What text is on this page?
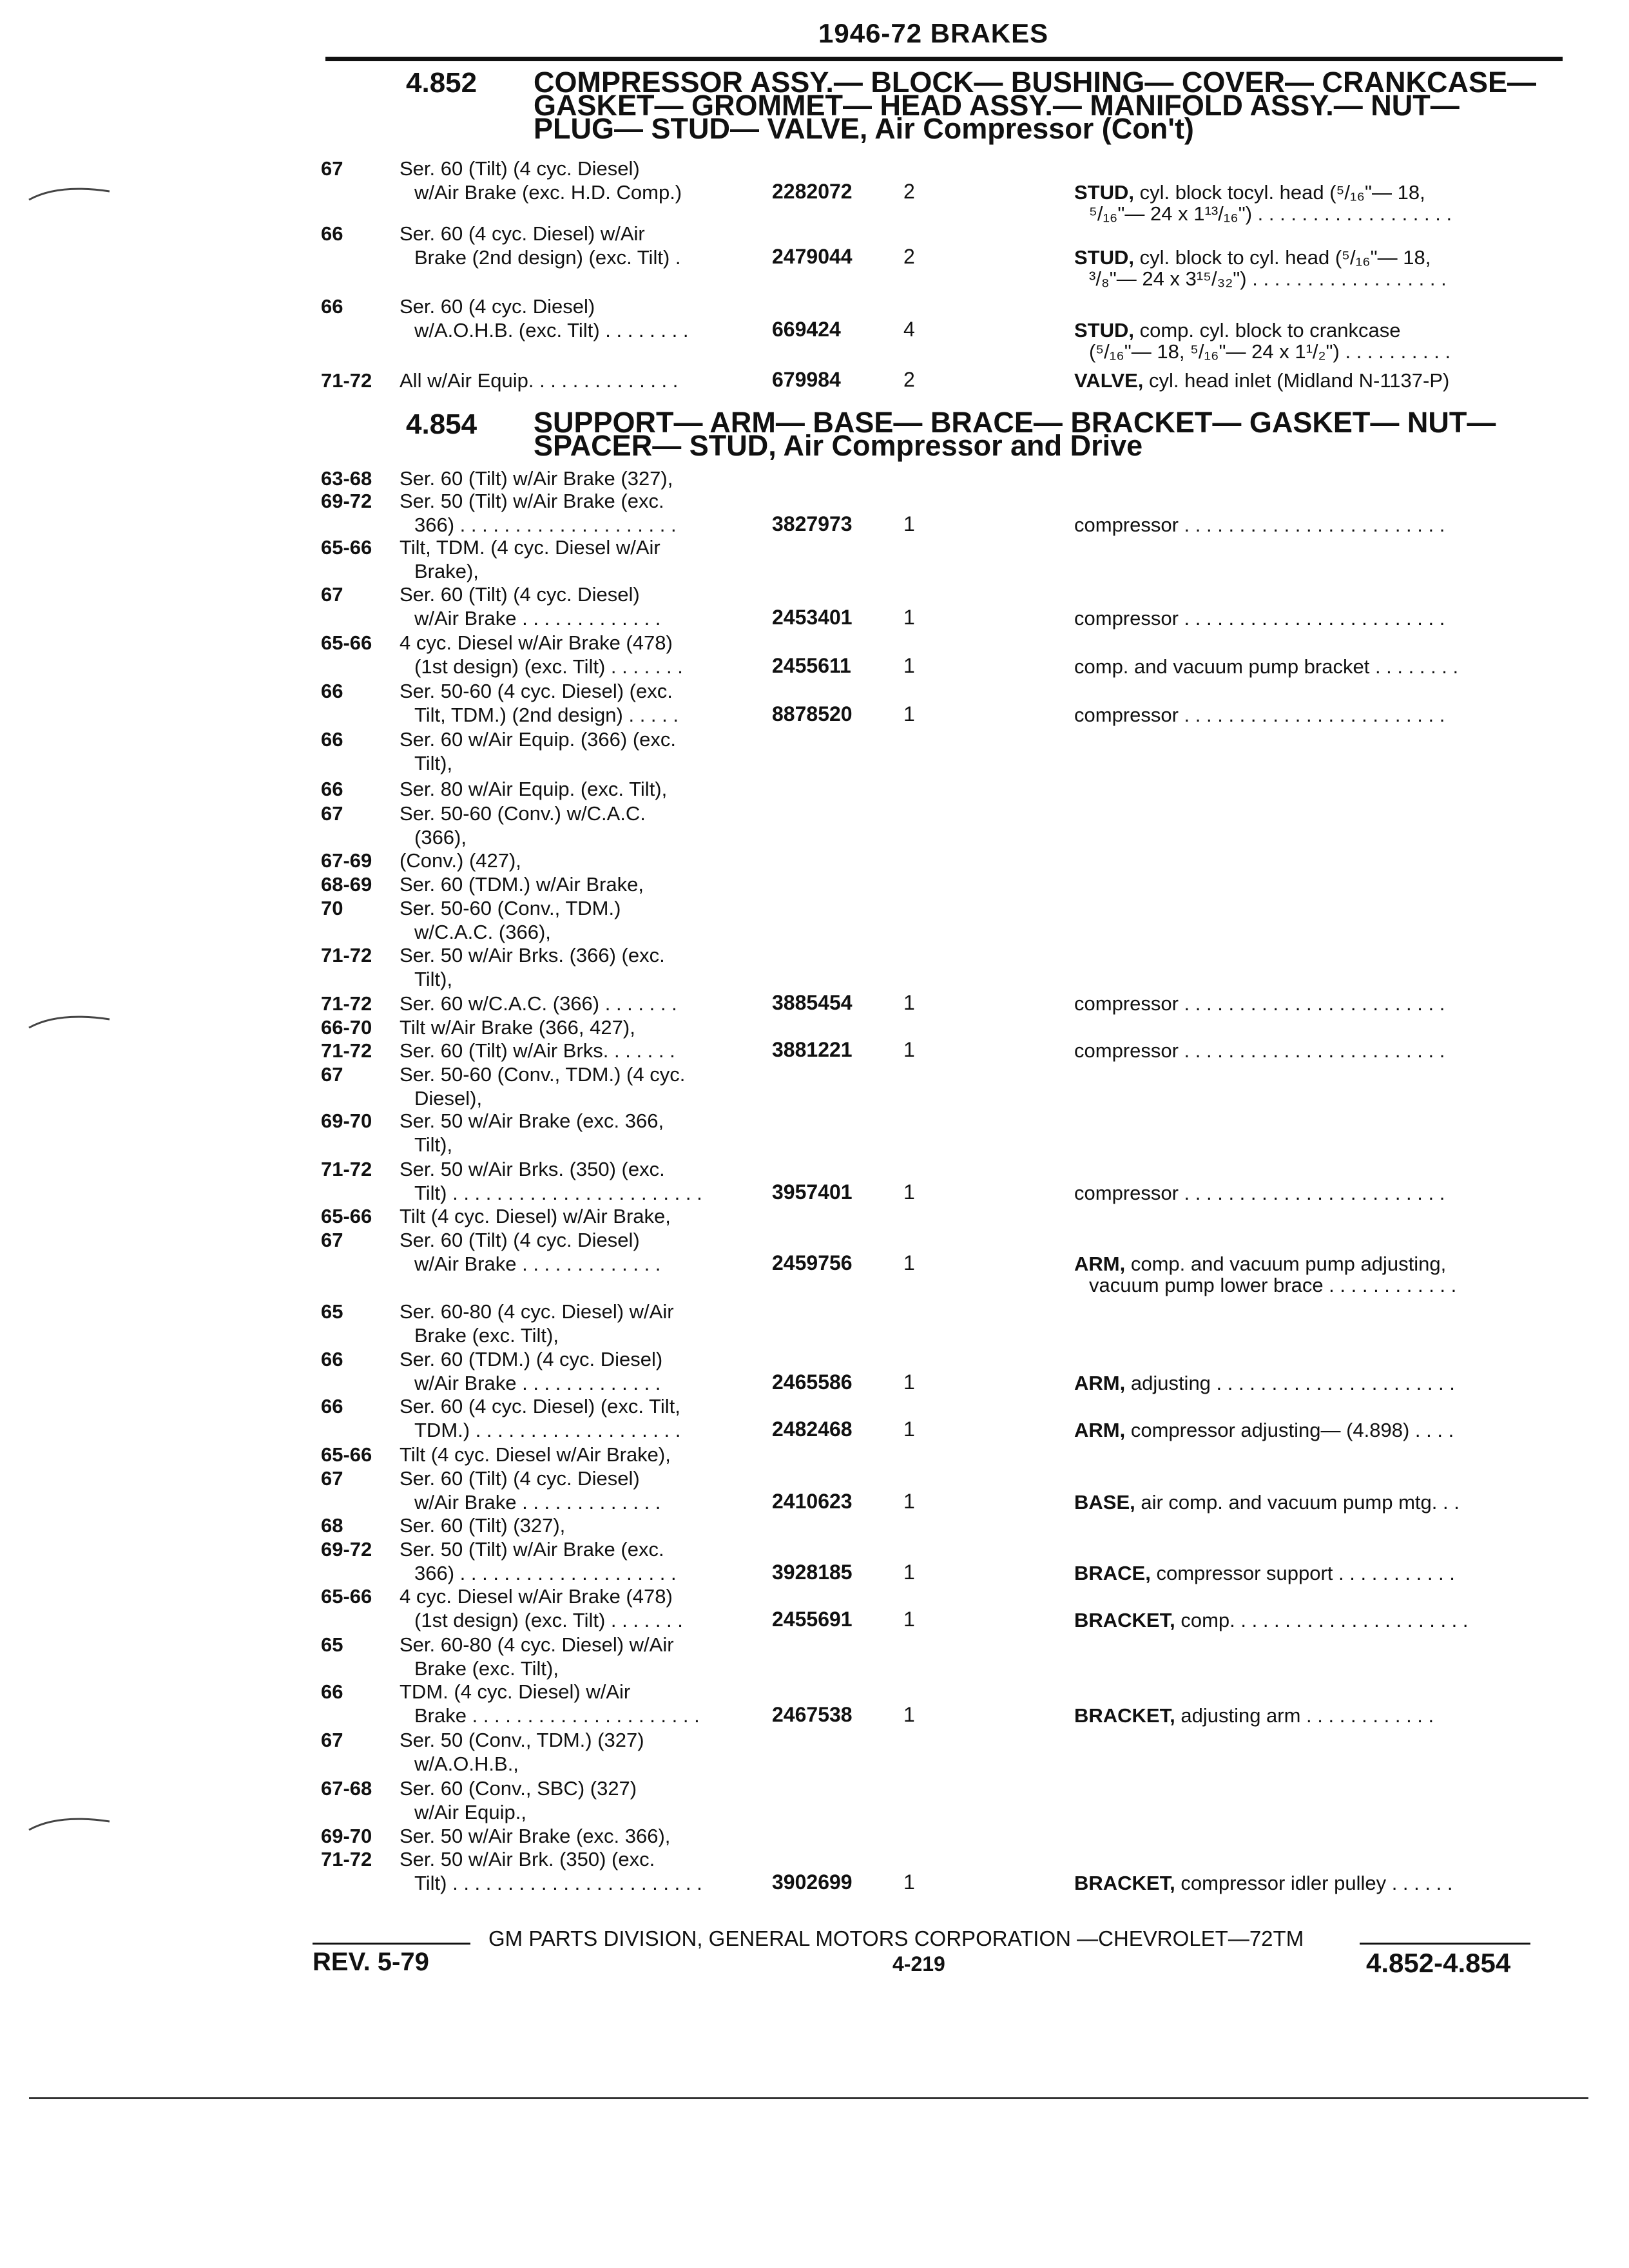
1946-72 BRAKES
4.852 COMPRESSOR ASSY.— BLOCK— BUSHING— COVER— CRANKCASE—
GASKET— GROMMET— HEAD ASSY.— MANIFOLD ASSY.— NUT—
PLUG— STUD— VALVE, Air Compressor (Con't)
4.854 SUPPORT— ARM— BASE— BRACE— BRACKET— GASKET— NUT—
SPACER— STUD, Air Compressor and Drive
67	Ser. 60 (Tilt) (4 cyc. Diesel)
w/Air Brake (exc. H.D. Comp.)	2282072 2	STUD, cyl. block tocyl. head (⁵/₁₆"— 18,
⁵/₁₆"— 24 x 1¹³/₁₆") . . . . . . . . . . . . . . . . . .
66	Ser. 60 (4 cyc. Diesel) w/Air
Brake (2nd design) (exc. Tilt) .	2479044 2	STUD, cyl. block to cyl. head (⁵/₁₆"— 18,
³/₈"— 24 x 3¹⁵/₃₂") . . . . . . . . . . . . . . . . . .
66	Ser. 60 (4 cyc. Diesel)
w/A.O.H.B. (exc. Tilt) . . . . . . . .	669424	4	STUD, comp. cyl. block to crankcase
(⁵/₁₆"— 18, ⁵/₁₆"— 24 x 1¹/₂") . . . . . . . . . .
71-72 All w/Air Equip. . . . . . . . . . . . . .	679984	2	VALVE, cyl. head inlet (Midland N-1137-P)
63-68 Ser. 60 (Tilt) w/Air Brake (327),
69-72 Ser. 50 (Tilt) w/Air Brake (exc.
366) . . . . . . . . . . . . . . . . . . . .	3827973 1	compressor . . . . . . . . . . . . . . . . . . . . . . . .
65-66 Tilt, TDM. (4 cyc. Diesel w/Air
Brake),
67	Ser. 60 (Tilt) (4 cyc. Diesel)
w/Air Brake . . . . . . . . . . . . .	2453401 1	compressor . . . . . . . . . . . . . . . . . . . . . . . .
65-66 4 cyc. Diesel w/Air Brake (478)
(1st design) (exc. Tilt) . . . . . . .	2455611	1	comp. and vacuum pump bracket . . . . . . . .
66	Ser. 50-60 (4 cyc. Diesel) (exc.
Tilt, TDM.) (2nd design) . . . . .	8878520 1	compressor . . . . . . . . . . . . . . . . . . . . . . . .
66	Ser. 60 w/Air Equip. (366) (exc.
Tilt),
66	Ser. 80 w/Air Equip. (exc. Tilt),
67	Ser. 50-60 (Conv.) w/C.A.C.
(366),
67-69 (Conv.) (427),
68-69 Ser. 60 (TDM.) w/Air Brake,
70	Ser. 50-60 (Conv., TDM.)
w/C.A.C. (366),
71-72 Ser. 50 w/Air Brks. (366) (exc.
Tilt),
71-72 Ser. 60 w/C.A.C. (366) . . . . . . .	3885454 1	compressor . . . . . . . . . . . . . . . . . . . . . . . .
66-70 Tilt w/Air Brake (366, 427),
71-72 Ser. 60 (Tilt) w/Air Brks. . . . . . .	3881221 1	compressor . . . . . . . . . . . . . . . . . . . . . . . .
67	Ser. 50-60 (Conv., TDM.) (4 cyc.
Diesel),
69-70 Ser. 50 w/Air Brake (exc. 366,
Tilt),
71-72 Ser. 50 w/Air Brks. (350) (exc.
Tilt) . . . . . . . . . . . . . . . . . . . . . . .	3957401 1	compressor . . . . . . . . . . . . . . . . . . . . . . . .
65-66 Tilt (4 cyc. Diesel) w/Air Brake,
67	Ser. 60 (Tilt) (4 cyc. Diesel)
w/Air Brake . . . . . . . . . . . . .	2459756 1	ARM, comp. and vacuum pump adjusting,
vacuum pump lower brace . . . . . . . . . . . .
65	Ser. 60-80 (4 cyc. Diesel) w/Air
Brake (exc. Tilt),
66	Ser. 60 (TDM.) (4 cyc. Diesel)
w/Air Brake . . . . . . . . . . . . .	2465586 1	ARM, adjusting . . . . . . . . . . . . . . . . . . . . . .
66	Ser. 60 (4 cyc. Diesel) (exc. Tilt,
TDM.) . . . . . . . . . . . . . . . . . . .	2482468 1	ARM, compressor adjusting— (4.898) . . . .
65-66 Tilt (4 cyc. Diesel w/Air Brake),
67	Ser. 60 (Tilt) (4 cyc. Diesel)
w/Air Brake . . . . . . . . . . . . .	2410623 1	BASE, air comp. and vacuum pump mtg. . .
68	Ser. 60 (Tilt) (327),
69-72 Ser. 50 (Tilt) w/Air Brake (exc.
366) . . . . . . . . . . . . . . . . . . . .	3928185 1	BRACE, compressor support . . . . . . . . . . .
65-66 4 cyc. Diesel w/Air Brake (478)
(1st design) (exc. Tilt) . . . . . . .	2455691 1	BRACKET, comp. . . . . . . . . . . . . . . . . . . . . .
65	Ser. 60-80 (4 cyc. Diesel) w/Air
Brake (exc. Tilt),
66	TDM. (4 cyc. Diesel) w/Air
Brake . . . . . . . . . . . . . . . . . . . . .	2467538 1	BRACKET, adjusting arm . . . . . . . . . . . .
67	Ser. 50 (Conv., TDM.) (327)
w/A.O.H.B.,
67-68 Ser. 60 (Conv., SBC) (327)
w/Air Equip.,
69-70 Ser. 50 w/Air Brake (exc. 366),
71-72 Ser. 50 w/Air Brk. (350) (exc.
Tilt) . . . . . . . . . . . . . . . . . . . . . . .	3902699 1	BRACKET, compressor idler pulley . . . . . .
GM PARTS DIVISION, GENERAL MOTORS CORPORATION —CHEVROLET—72TM
REV. 5-79	4-219	4.852-4.854
